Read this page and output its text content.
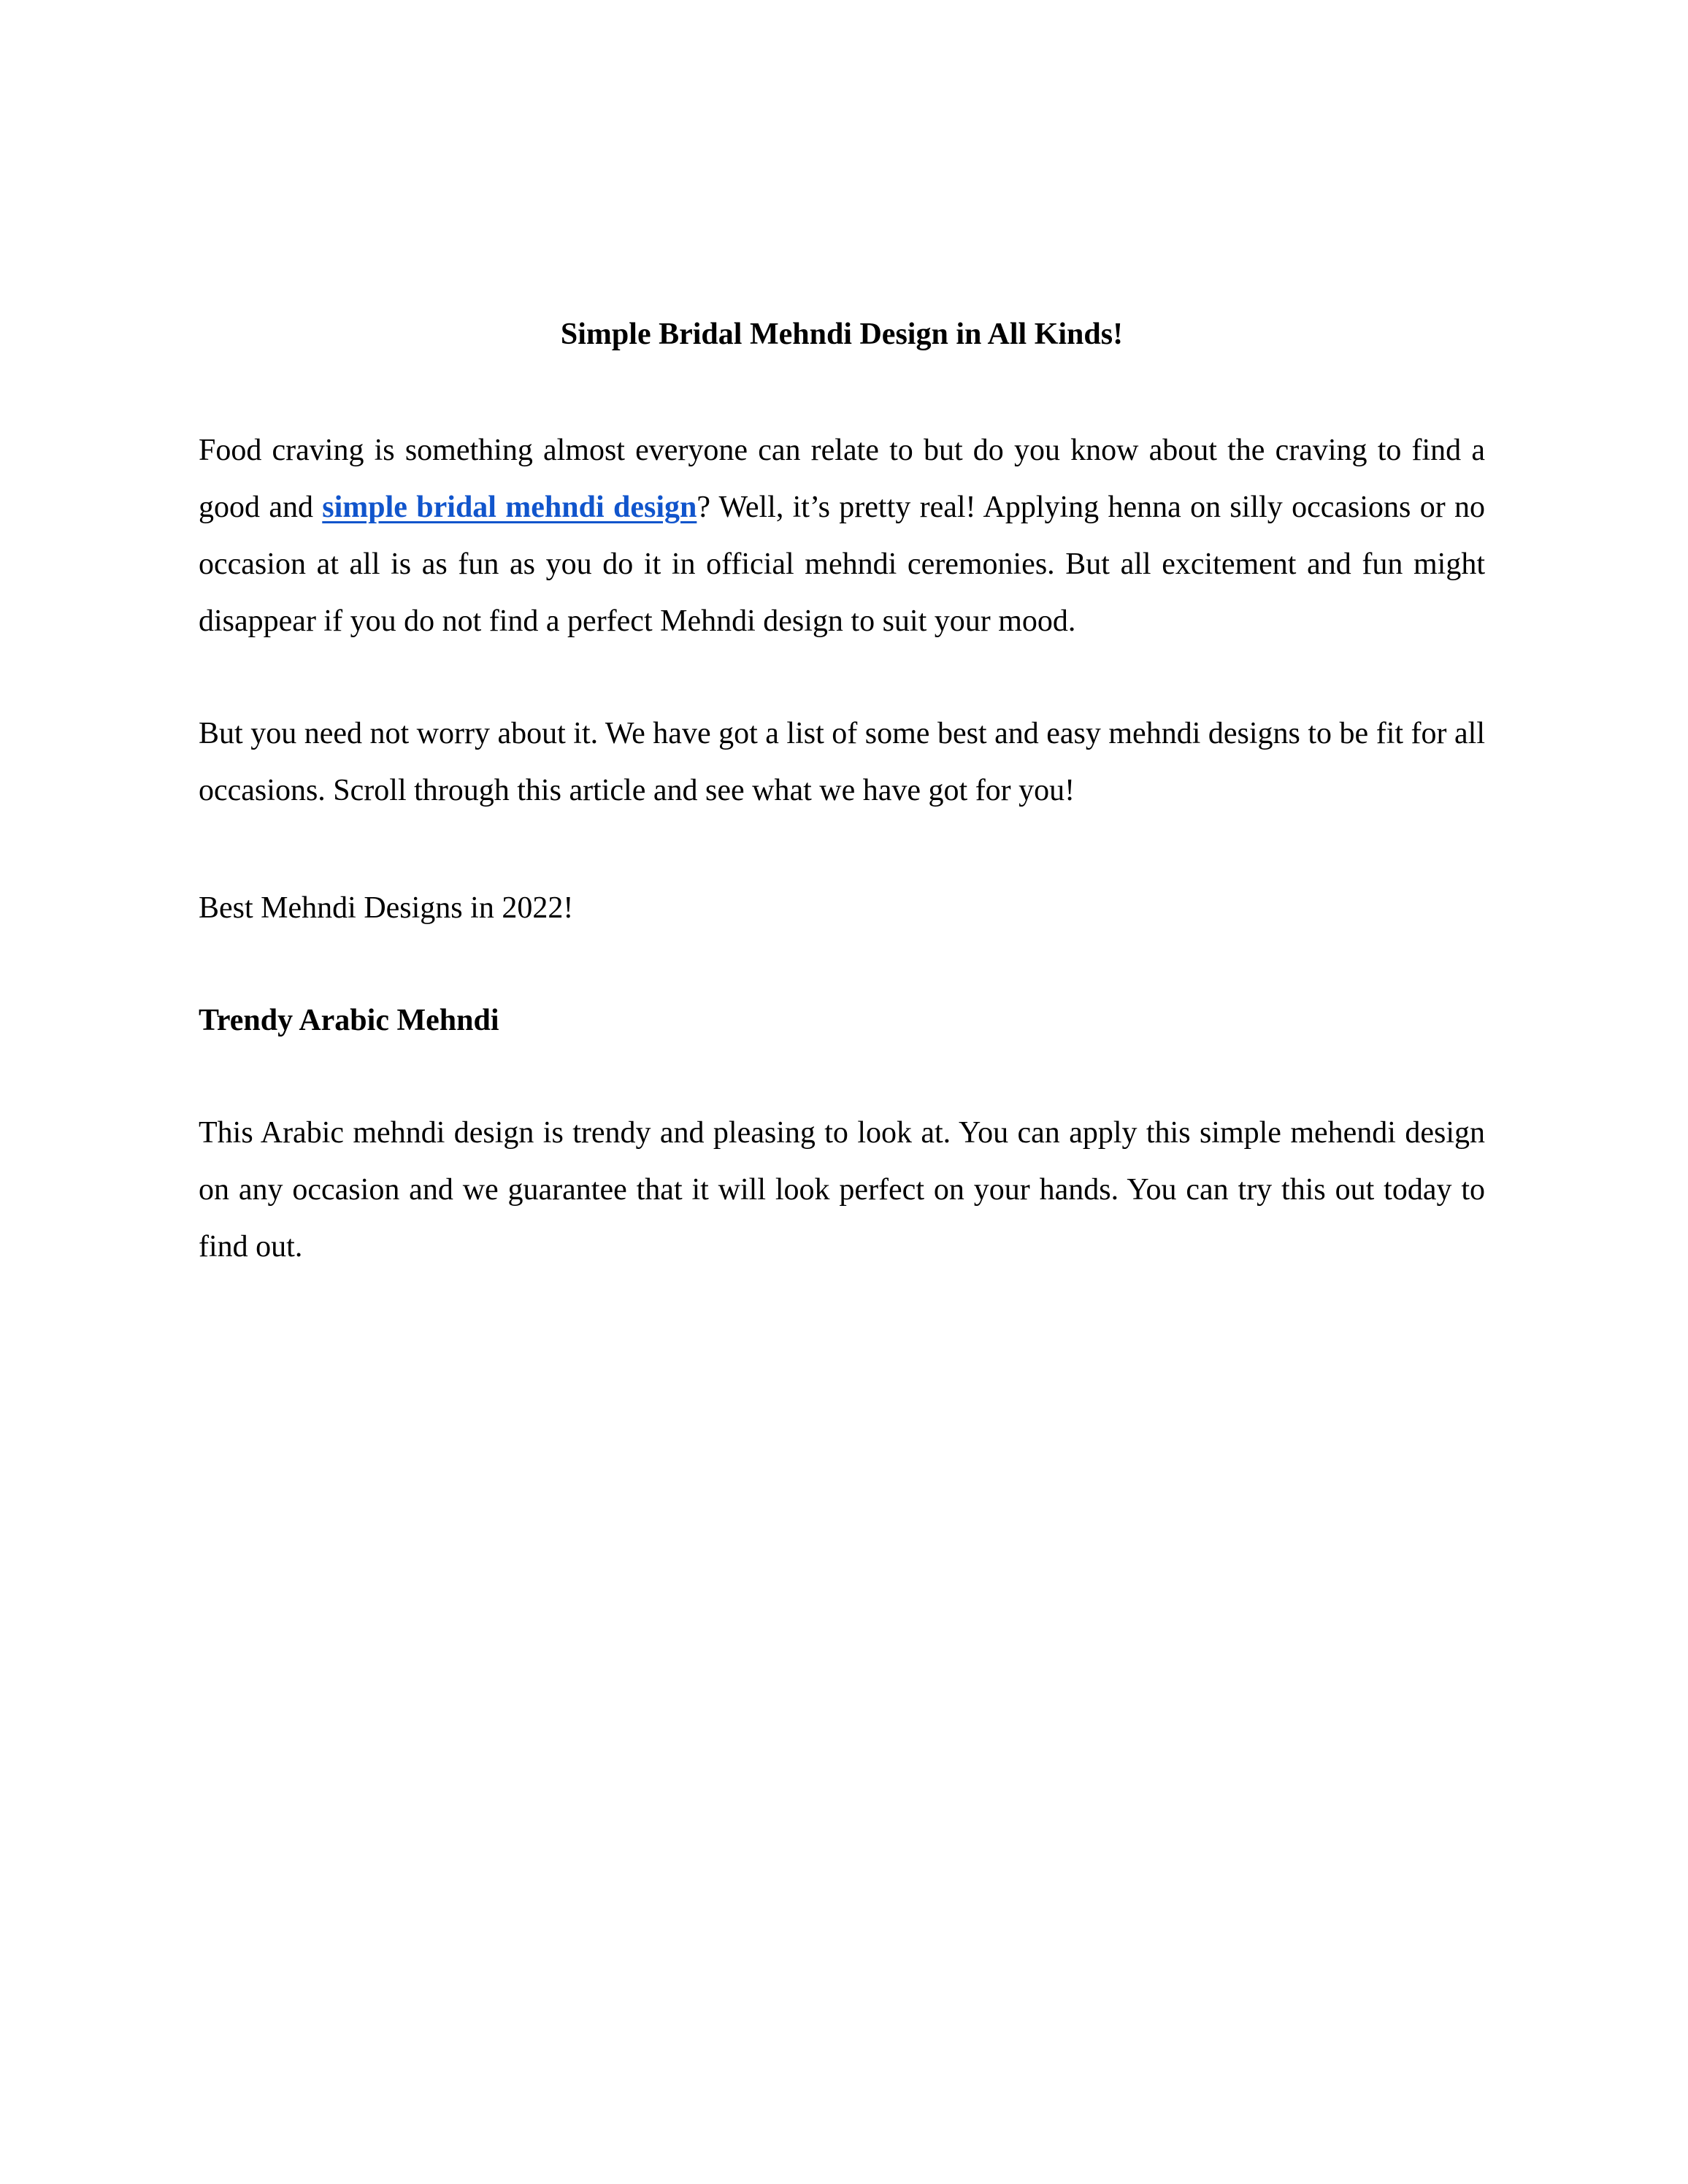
Simple Bridal Mehndi Design in All Kinds!

Food craving is something almost everyone can relate to but do you know about the craving to find a good and simple bridal mehndi design? Well, it’s pretty real! Applying henna on silly occasions or no occasion at all is as fun as you do it in official mehndi ceremonies. But all excitement and fun might disappear if you do not find a perfect Mehndi design to suit your mood.

But you need not worry about it. We have got a list of some best and easy mehndi designs to be fit for all occasions. Scroll through this article and see what we have got for you!

Best Mehndi Designs in 2022!

Trendy Arabic Mehndi

This Arabic mehndi design is trendy and pleasing to look at. You can apply this simple mehendi design on any occasion and we guarantee that it will look perfect on your hands. You can try this out today to find out.
